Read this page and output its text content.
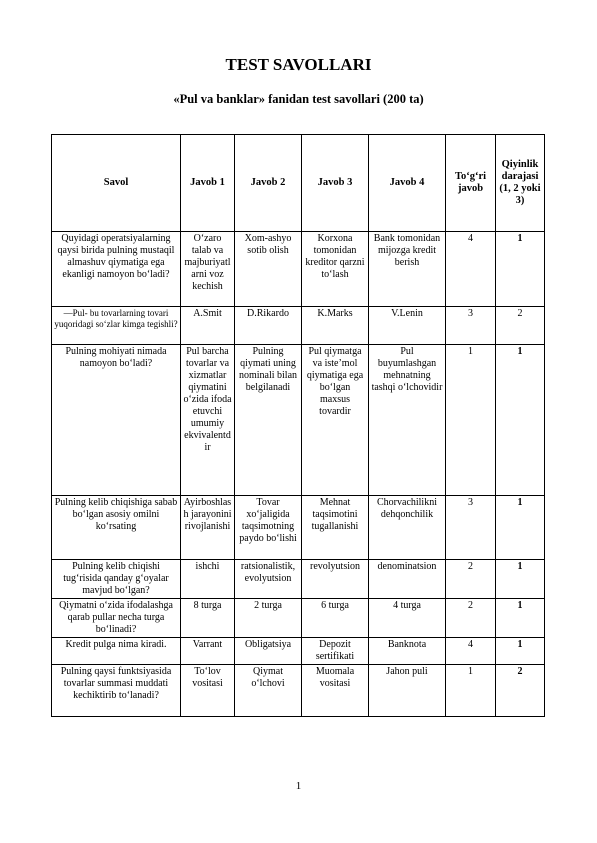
TEST SAVOLLARI
«Pul va banklar» fanidan test savollari (200 ta)
Savol	Javob 1	Javob 2	Javob 3	Javob 4	To‘g‘ri javob	Qiyinlik darajasi (1, 2 yoki 3)
Quyidagi operatsiyalarning qaysi birida pulning mustaqil almashuv qiymatiga ega ekanligi namoyon bo‘ladi?	O‘zaro talab va majburiyatlarni voz kechish	Xom-ashyo sotib olish	Korxona tomonidan kreditor qarzni to‘lash	Bank tomonidan mijozga kredit berish	4	1
—Pul- bu tovarlarning tovari yuqoridagi so‘zlar kimga tegishli?	A.Smit	D.Rikardo	K.Marks	V.Lenin	3	2
Pulning mohiyati nimada namoyon bo‘ladi?	Pul barcha tovarlar va xizmatlar qiymatini o‘zida ifoda etuvchi umumiy ekvivalentdir	Pulning qiymati uning nominali bilan belgilanadi	Pul qiymatga va iste’mol qiymatiga ega bo‘lgan maxsus tovardir	Pul buyumlashgan mehnatning tashqi o‘lchovidir	1	1
Pulning kelib chiqishiga sabab bo‘lgan asosiy omilni ko‘rsating	Ayirboshlash jarayonini rivojlanishi	Tovar xo‘jaligida taqsimotning paydo bo‘lishi	Mehnat taqsimotini tugallanishi	Chorvachilikni dehqonchilik	3	1
Pulning kelib chiqishi tug‘risida qanday g‘oyalar mavjud bo‘lgan?	ishchi	ratsionalistik, evolyutsion	revolyutsion	denominatsion	2	1
Qiymatni o‘zida ifodalashga qarab pullar necha turga bo‘linadi?	8 turga	2 turga	6 turga	4 turga	2	1
Kredit pulga nima kiradi.	Varrant	Obligatsiya	Depozit sertifikati	Banknota	4	1
Pulning qaysi funktsiyasida tovarlar summasi muddati kechiktirib to‘lanadi?	To‘lov vositasi	Qiymat o‘lchovi	Muomala vositasi	Jahon puli	1	2
1
